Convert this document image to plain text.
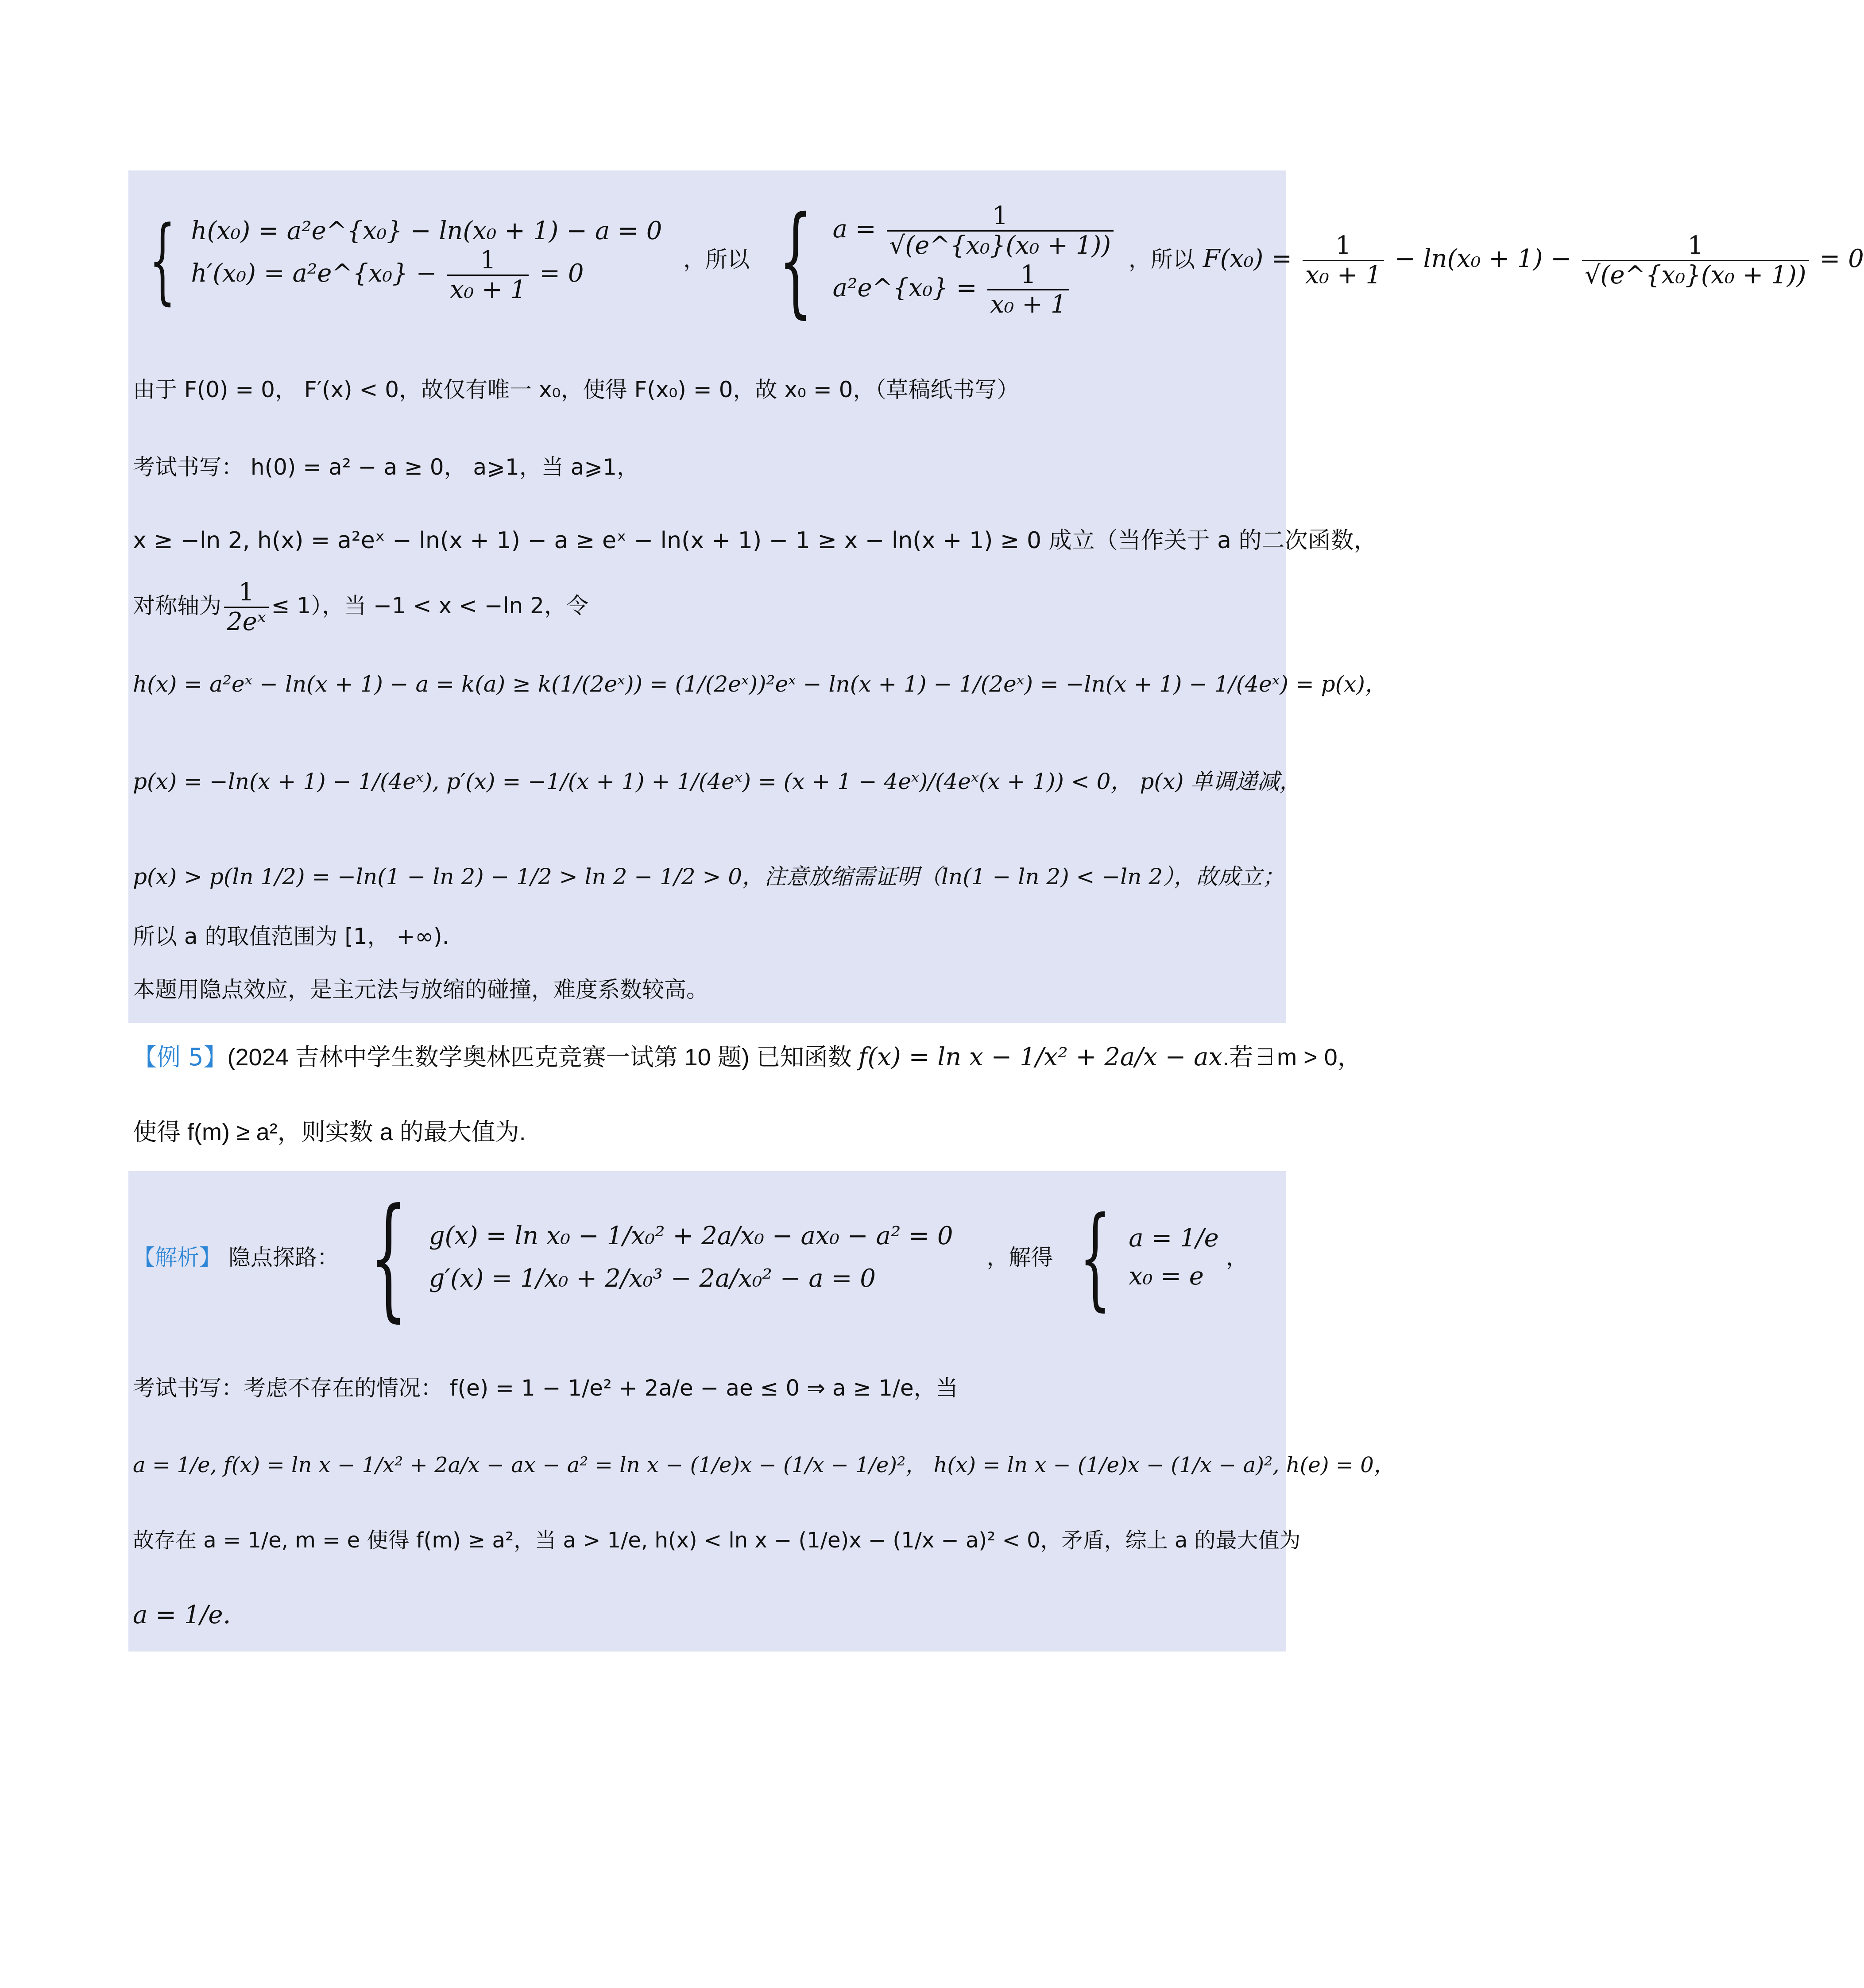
{ h(x₀) = a²e^{x₀} − ln(x₀ + 1) − a = 0
h′(x₀) = a²e^{x₀} − $\frac{1}{\text{x₀ + 1}} = 0$	，所以 { $a = \frac{1}{\text{√(e\textasciicircum{}\{x₀\}(x₀ + 1))}}$
a²e^{x₀} = $\frac{1}{\text{x₀ + 1}}$
，所以 $F(x_0) = \frac{1}{\text{x₀ + 1}} - \ln(x_0 + 1) - \frac{1}{\text{√(e\textasciicircum{}\{x₀\}(x₀ + 1))}} = 0$
由于 F(0) = 0， F′(x) < 0，故仅有唯一 x₀，使得 F(x₀) = 0，故 x₀ = 0，（草稿纸书写）
考试书写： h(0) = a² − a ≥ 0， a⩾1，当 a⩾1，
x ≥ −ln 2, h(x) = a²eˣ − ln(x + 1) − a ≥ eˣ − ln(x + 1) − 1 ≥ x − ln(x + 1) ≥ 0 成立（当作关于 a 的二次函数，
对称轴为 $\frac{1}{\text{2eˣ}} \le 1$），当 −1 < x < −ln 2，令
h(x) = a²eˣ − ln(x + 1) − a = k(a) ≥ k(1/(2eˣ)) = (1/(2eˣ))²eˣ − ln(x + 1) − 1/(2eˣ) = −ln(x + 1) − 1/(4eˣ) = p(x)，
p(x) = −ln(x + 1) − 1/(4eˣ), p′(x) = −1/(x + 1) + 1/(4eˣ) = (x + 1 − 4eˣ)/(4eˣ(x + 1)) < 0， p(x) 单调递减，
p(x) > p(ln 1/2) = −ln(1 − ln 2) − 1/2 > ln 2 − 1/2 > 0，注意放缩需证明（ln(1 − ln 2) < −ln 2），故成立；
所以 a 的取值范围为 [1， +∞).
本题用隐点效应，是主元法与放缩的碰撞，难度系数较高。
【例 5】(2024 吉林中学生数学奥林匹克竞赛一试第 10 题) 已知函数 f(x) = ln x − 1/x² + 2a/x − ax.若∃m > 0，
使得 f(m) ≥ a²，则实数 a 的最大值为.
【解析】 隐点探路： { g(x) = ln x₀ − 1/x₀² + 2a/x₀ − ax₀ − a² = 0
g′(x) = 1/x₀ + 2/x₀³ − 2a/x₀² − a = 0
，解得 { a = 1/e
x₀ = e
，
考试书写：考虑不存在的情况： f(e) = 1 − 1/e² + 2a/e − ae ≤ 0 ⇒ a ≥ 1/e，当
a = 1/e, f(x) = ln x − 1/x² + 2a/x − ax − a² = ln x − (1/e)x − (1/x − 1/e)²， h(x) = ln x − (1/e)x − (1/x − a)², h(e) = 0，
故存在 a = 1/e, m = e 使得 f(m) ≥ a²，当 a > 1/e, h(x) < ln x − (1/e)x − (1/x − a)² < 0，矛盾，综上 a 的最大值为
a = 1/e.
